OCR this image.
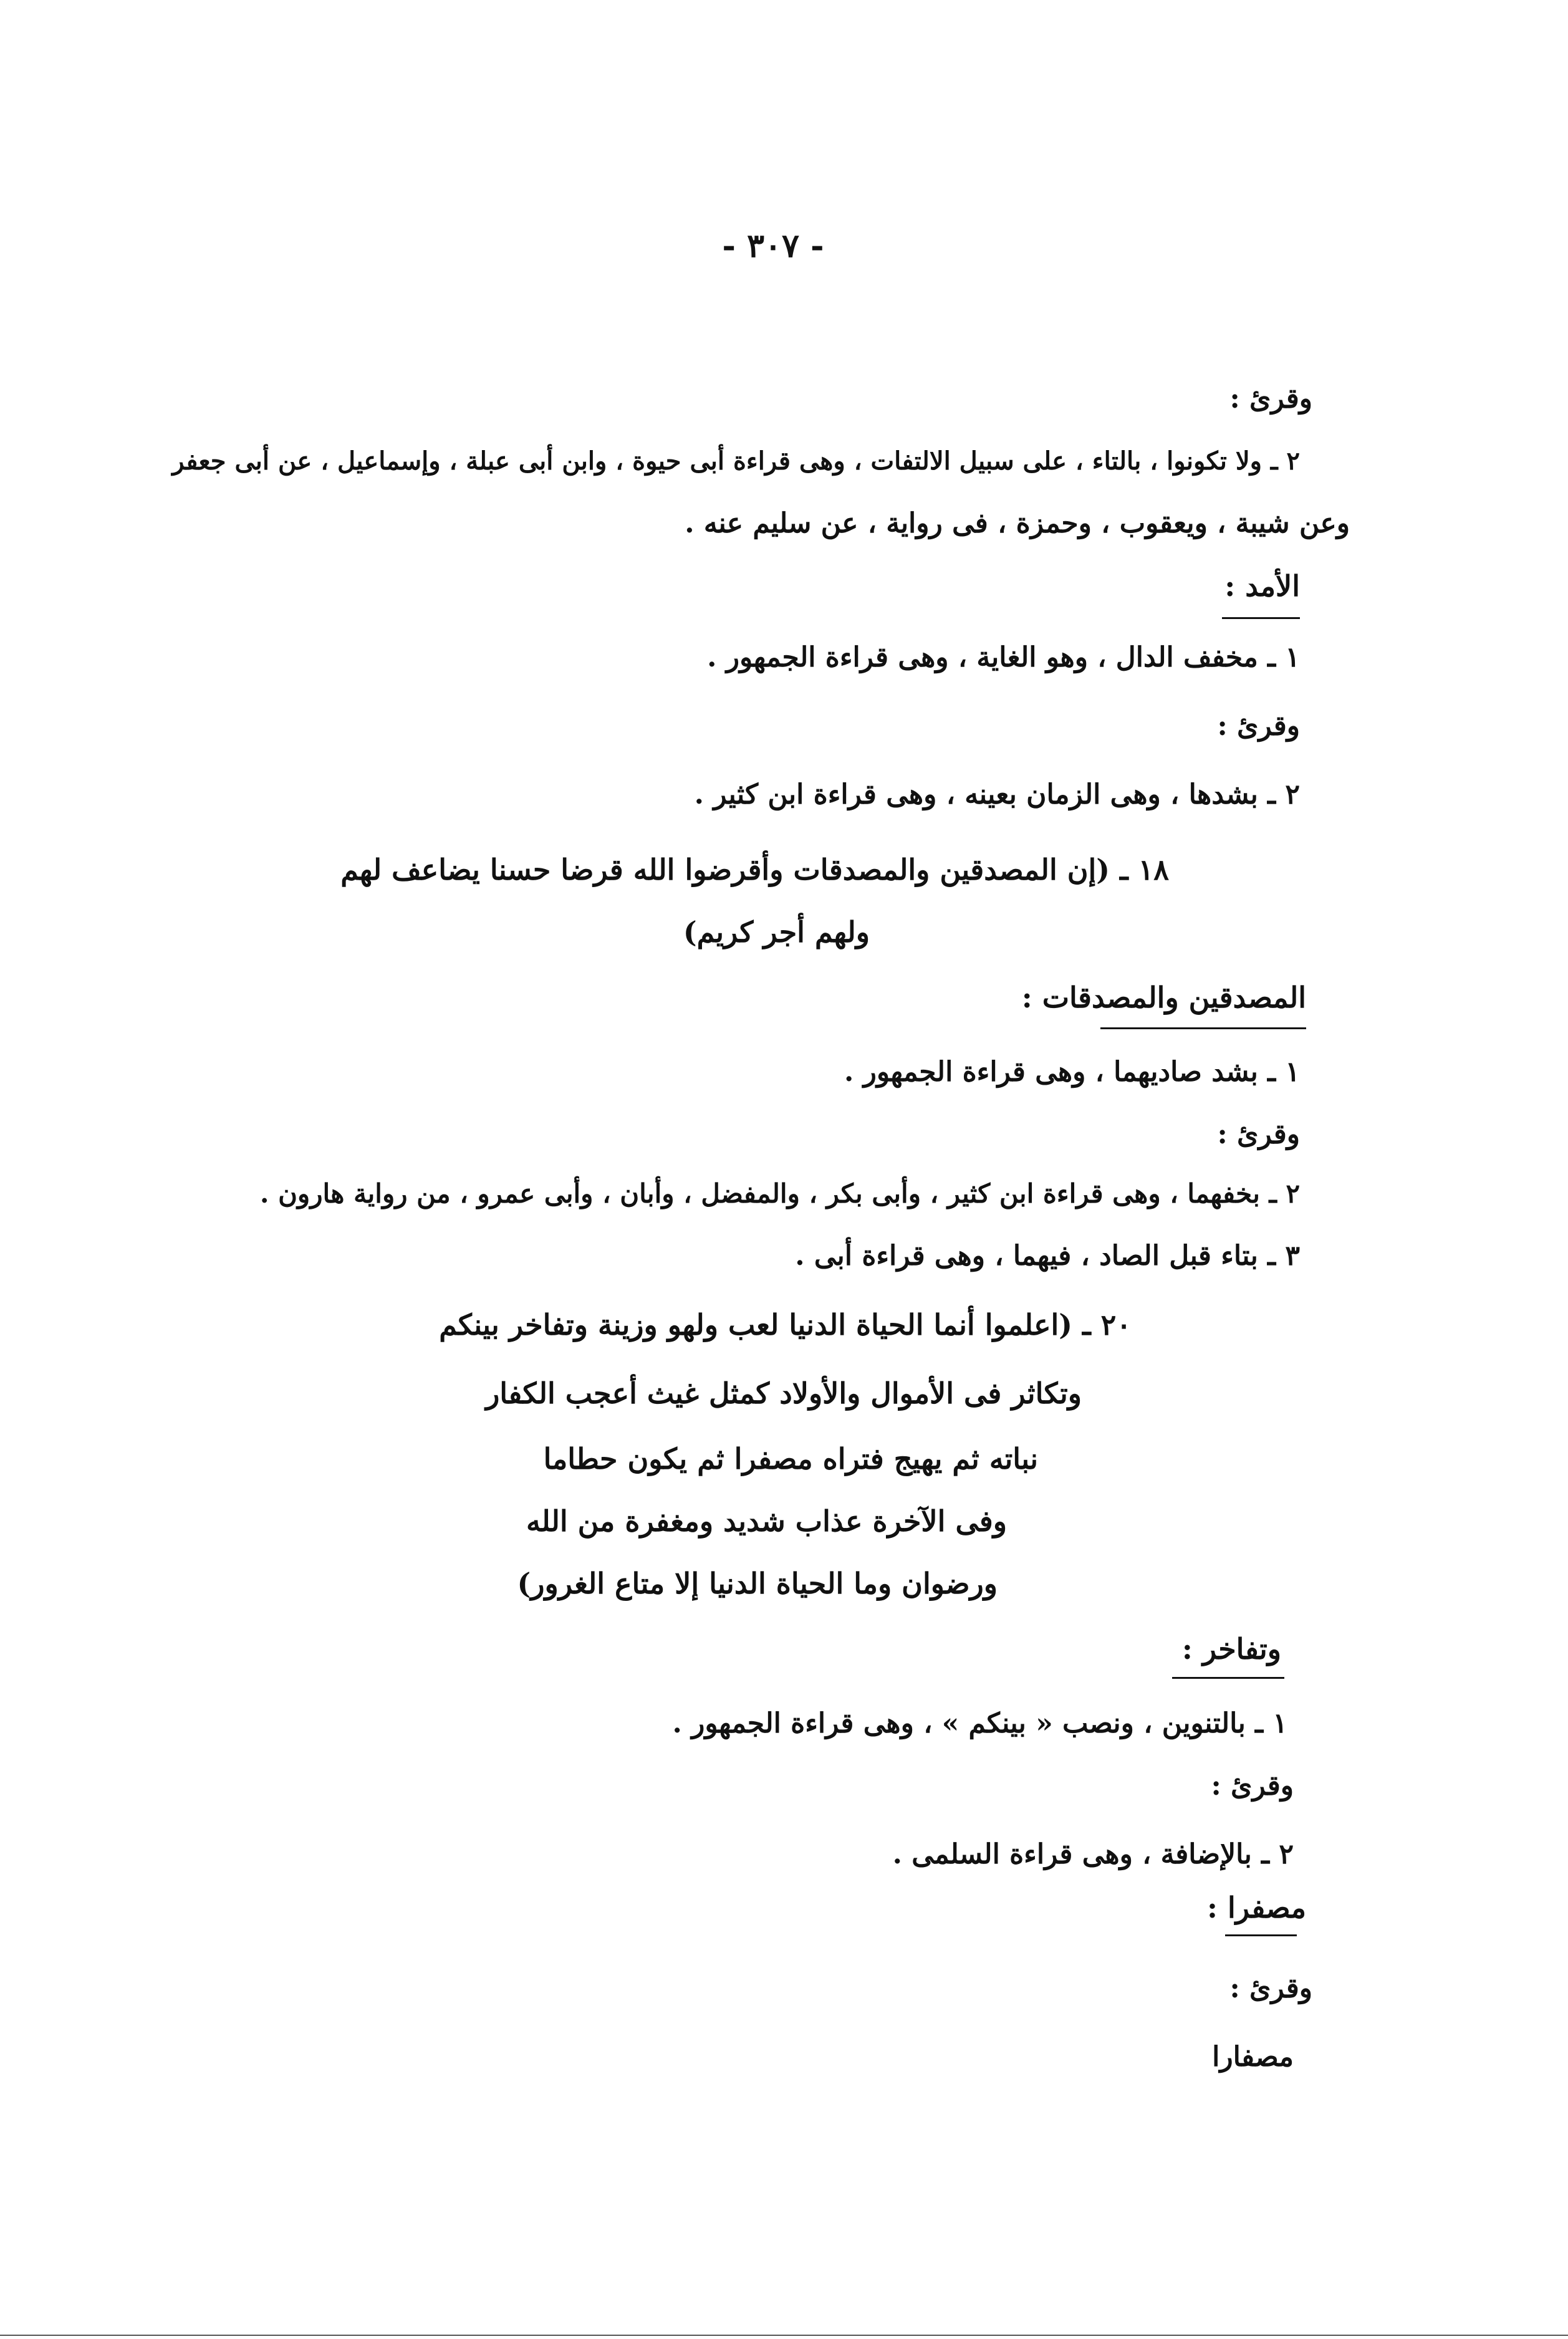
- ٣٠٧ -
وقرئ :
٢ ـ ولا تكونوا ، بالتاء ، على سبيل الالتفات ، وهى قراءة أبى حيوة ، وابن أبى عبلة ، وإسماعيل ، عن أبى جعفر
وعن شيبة ، ويعقوب ، وحمزة ، فى رواية ، عن سليم عنه .
الأمد :
١ ـ مخفف الدال ، وهو الغاية ، وهى قراءة الجمهور .
وقرئ :
٢ ـ بشدها ، وهى الزمان بعينه ، وهى قراءة ابن كثير .
١٨ ـ (إن المصدقين والمصدقات وأقرضوا الله قرضا حسنا يضاعف لهم
ولهم أجر كريم)
المصدقين والمصدقات :
١ ـ بشد صاديهما ، وهى قراءة الجمهور .
وقرئ :
٢ ـ بخفهما ، وهى قراءة ابن كثير ، وأبى بكر ، والمفضل ، وأبان ، وأبى عمرو ، من رواية هارون .
٣ ـ بتاء قبل الصاد ، فيهما ، وهى قراءة أبى .
٢٠ ـ (اعلموا أنما الحياة الدنيا لعب ولهو وزينة وتفاخر بينكم
وتكاثر فى الأموال والأولاد كمثل غيث أعجب الكفار
نباته ثم يهيج فتراه مصفرا ثم يكون حطاما
وفى الآخرة عذاب شديد ومغفرة من الله
ورضوان وما الحياة الدنيا إلا متاع الغرور)
وتفاخر :
١ ـ بالتنوين ، ونصب « بينكم » ، وهى قراءة الجمهور .
وقرئ :
٢ ـ بالإضافة ، وهى قراءة السلمى .
مصفرا :
وقرئ :
مصفارا
